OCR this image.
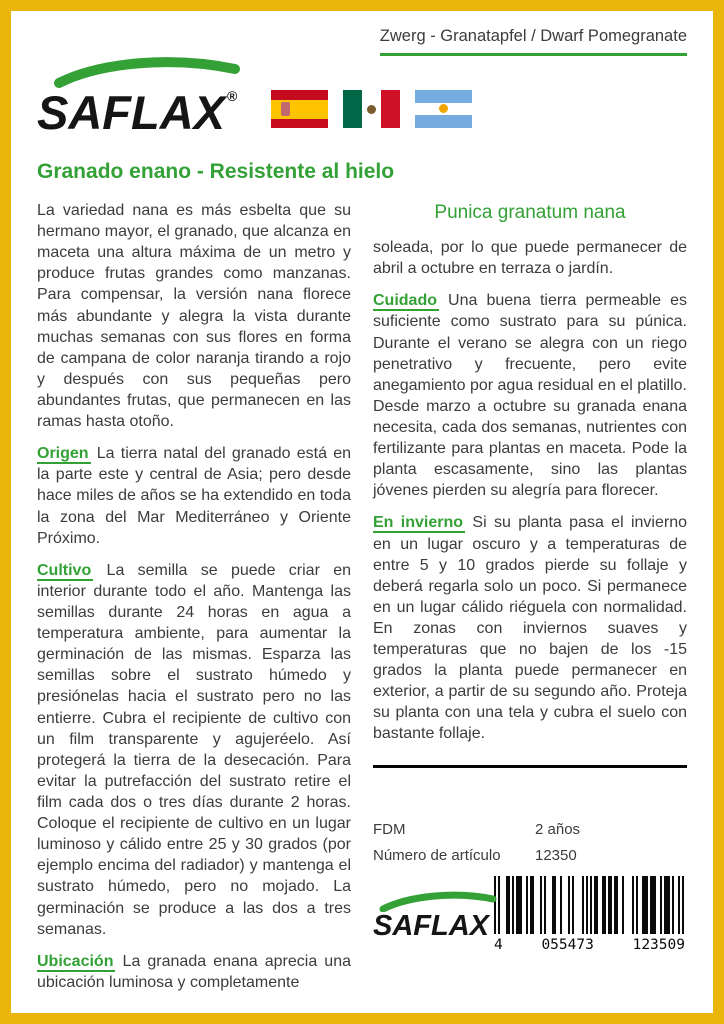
Zwerg - Granatapfel / Dwarf Pomegranate
SAFLAX ®
Granado enano - Resistente al hielo

La variedad nana es más esbelta que su hermano mayor, el granado, que alcanza en maceta una altura máxima de un metro y produce frutas grandes como manzanas. Para compensar, la versión nana florece más abundante y alegra la vista durante muchas semanas con sus flores en forma de campana de color naranja tirando a rojo y después con sus pequeñas pero abundantes frutas, que permanecen en las ramas hasta otoño.

Origen La tierra natal del granado está en la parte este y central de Asia; pero desde hace miles de años se ha extendido en toda la zona del Mar Mediterráneo y Oriente Próximo.

Cultivo La semilla se puede criar en interior durante todo el año. Mantenga las semillas durante 24 horas en agua a temperatura ambiente, para aumentar la germinación de las mismas. Esparza las semillas sobre el sustrato húmedo y presiónelas hacia el sustrato pero no las entierre. Cubra el recipiente de cultivo con un film transparente y agujeréelo. Así protegerá la tierra de la desecación. Para evitar la putrefacción del sustrato retire el film cada dos o tres días durante 2 horas. Coloque el recipiente de cultivo en un lugar luminoso y cálido entre 25 y 30 grados (por ejemplo encima del radiador) y mantenga el sustrato húmedo, pero no mojado. La germinación se produce a las dos a tres semanas.

Ubicación La granada enana aprecia una ubicación luminosa y completamente

Punica granatum nana

soleada, por lo que puede permanecer de abril a octubre en terraza o jardín.

Cuidado Una buena tierra permeable es suficiente como sustrato para su púnica. Durante el verano se alegra con un riego penetrativo y frecuente, pero evite anegamiento por agua residual en el platillo. Desde marzo a octubre su granada enana necesita, cada dos semanas, nutrientes con fertilizante para plantas en maceta. Pode la planta escasamente, sino las plantas jóvenes pierden su alegría para florecer.

En invierno Si su planta pasa el invierno en un lugar oscuro y a temperaturas de entre 5 y 10 grados pierde su follaje y deberá regarla solo un poco. Si permanece en un lugar cálido riéguela con normalidad. En zonas con inviernos suaves y temperaturas que no bajen de los -15 grados la planta puede permanecer en exterior, a partir de su segundo año. Proteja su planta con una tela y cubra el suelo con bastante follaje.

FDM	2 años
Número de artículo	12350
SAFLAX
4	055473	123509
